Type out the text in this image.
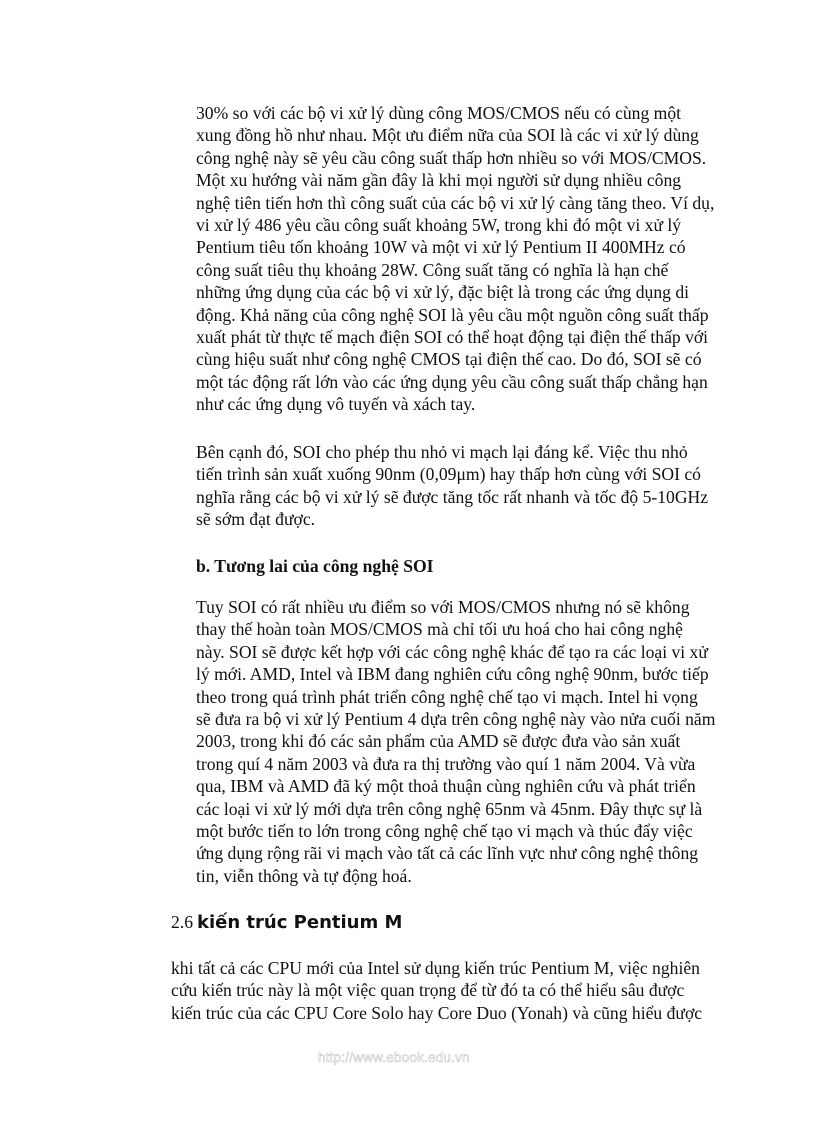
30% so với các bộ vi xử lý dùng công MOS/CMOS nếu có cùng một
xung đồng hồ như nhau. Một ưu điểm nữa của SOI là các vi xử lý dùng
công nghệ này sẽ yêu cầu công suất thấp hơn nhiều so với MOS/CMOS.
Một xu hướng vài năm gần đây là khi mọi người sử dụng nhiều công
nghệ tiên tiến hơn thì công suất của các bộ vi xử lý càng tăng theo. Ví dụ,
vi xử lý 486 yêu cầu công suất khoảng 5W, trong khi đó một vi xử lý
Pentium tiêu tốn khoảng 10W và một vi xử lý Pentium II 400MHz có
công suất tiêu thụ khoảng 28W. Công suất tăng có nghĩa là hạn chế
những ứng dụng của các bộ vi xử lý, đặc biệt là trong các ứng dụng di
động. Khả năng của công nghệ SOI là yêu cầu một nguồn công suất thấp
xuất phát từ thực tế mạch điện SOI có thể hoạt động tại điện thế thấp với
cùng hiệu suất như công nghệ CMOS tại điện thế cao. Do đó, SOI sẽ có
một tác động rất lớn vào các ứng dụng yêu cầu công suất thấp chẳng hạn
như các ứng dụng vô tuyến và xách tay.
Bên cạnh đó, SOI cho phép thu nhỏ vi mạch lại đáng kể. Việc thu nhỏ
tiến trình sản xuất xuống 90nm (0,09μm) hay thấp hơn cùng với SOI có
nghĩa rằng các bộ vi xử lý sẽ được tăng tốc rất nhanh và tốc độ 5-10GHz
sẽ sớm đạt được.
b. Tương lai của công nghệ SOI
Tuy SOI có rất nhiều ưu điểm so với MOS/CMOS nhưng nó sẽ không
thay thế hoàn toàn MOS/CMOS mà chỉ tối ưu hoá cho hai công nghệ
này. SOI sẽ được kết hợp với các công nghệ khác để tạo ra các loại vi xử
lý mới. AMD, Intel và IBM đang nghiên cứu công nghệ 90nm, bước tiếp
theo trong quá trình phát triển công nghệ chế tạo vi mạch. Intel hi vọng
sẽ đưa ra bộ vi xử lý Pentium 4 dựa trên công nghệ này vào nửa cuối năm
2003, trong khi đó các sản phẩm của AMD sẽ được đưa vào sản xuất
trong quí 4 năm 2003 và đưa ra thị trường vào quí 1 năm 2004. Và vừa
qua, IBM và AMD đã ký một thoả thuận cùng nghiên cứu và phát triển
các loại vi xử lý mới dựa trên công nghệ 65nm và 45nm. Đây thực sự là
một bước tiến to lớn trong công nghệ chế tạo vi mạch và thúc đẩy việc
ứng dụng rộng rãi vi mạch vào tất cả các lĩnh vực như công nghệ thông
tin, viễn thông và tự động hoá.
2.6 kiến trúc Pentium M
khi tất cả các CPU mới của Intel sử dụng kiến trúc Pentium M, việc nghiên
cứu kiến trúc này là một việc quan trọng để từ đó ta có thể hiểu sâu được
kiến trúc của các CPU Core Solo hay Core Duo (Yonah) và cũng hiểu được
http://www.ebook.edu.vn
